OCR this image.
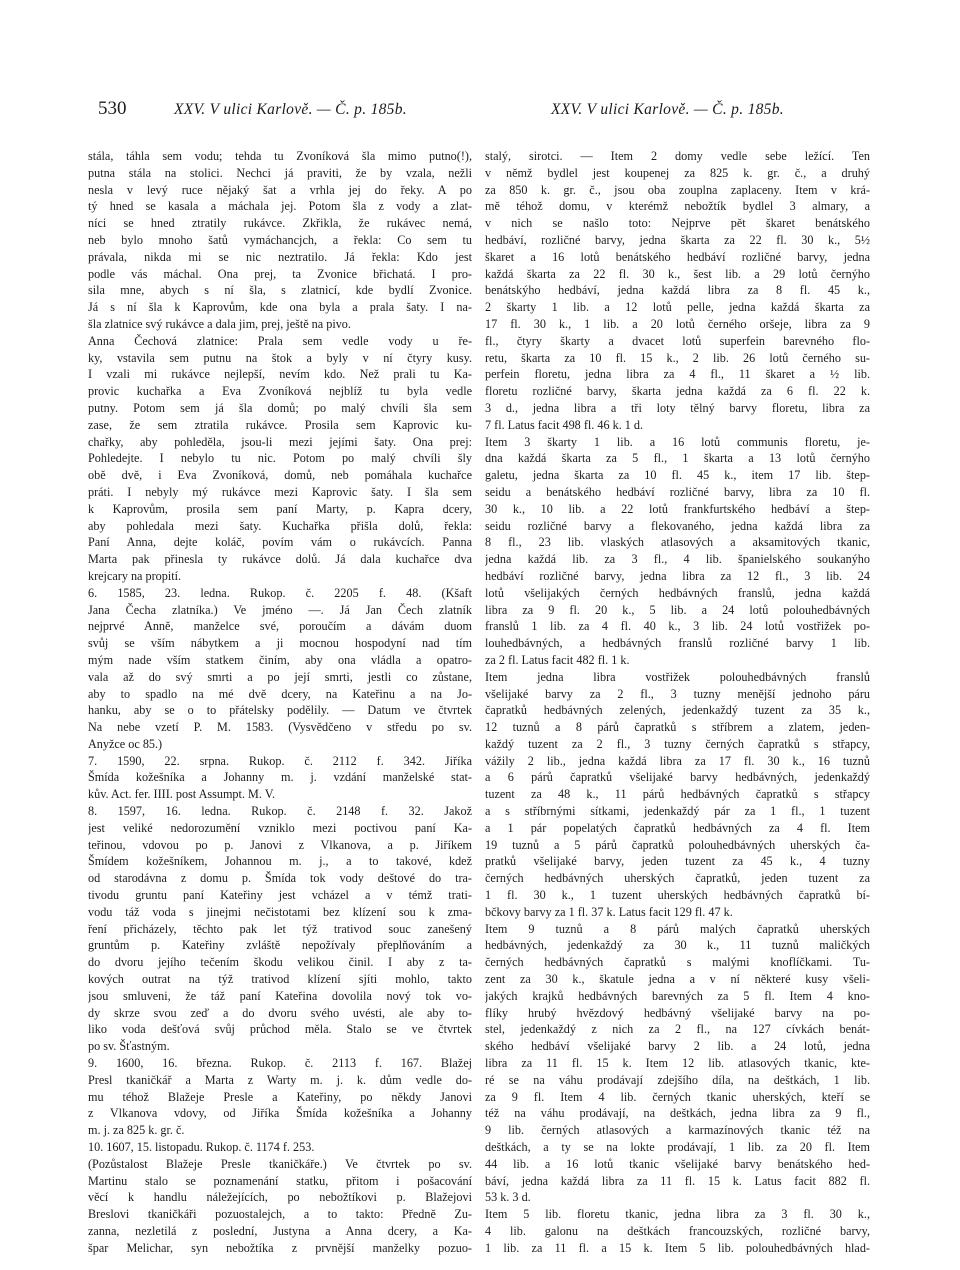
530	XXV. V ulici Karlově. — Č. p. 185b.	XXV. V ulici Karlově. — Č. p. 185b.
stála, táhla sem vodu; tehda tu Zvoníková šla mimo putno(!),
putna stála na stolici. Nechci já praviti, že by vzala, nežli
nesla v levý ruce nějaký šat a vrhla jej do řeky. A po
tý hned se kasala a máchala jej. Potom šla z vody a zlat-
níci se hned ztratily rukávce. Zkřikla, že rukávec nemá,
neb bylo mnoho šatů vymáchancjch, a řekla: Co sem tu
právala, nikda mi se nic neztratilo. Já řekla: Kdo jest
podle vás máchal. Ona prej, ta Zvonice břichatá. I pro-
sila mne, abych s ní šla, s zlatnicí, kde bydlí Zvonice.
Já s ní šla k Kaprovům, kde ona byla a prala šaty. I na-
šla zlatnice svý rukávce a dala jim, prej, ještě na pivo.
Anna Čechová zlatnice: Prala sem vedle vody u ře-
ky, vstavila sem putnu na štok a byly v ní čtyry kusy.
I vzali mi rukávce nejlepší, nevím kdo. Než prali tu Ka-
provic kuchařka a Eva Zvoníková nejblíž tu byla vedle
putny. Potom sem já šla domů; po malý chvíli šla sem
zase, že sem ztratila rukávce. Prosila sem Kaprovic ku-
chařky, aby pohleděla, jsou-li mezi jejími šaty. Ona prej:
Pohledejte. I nebylo tu nic. Potom po malý chvíli šly
obě dvě, i Eva Zvoníková, domů, neb pomáhala kuchařce
práti. I nebyly mý rukávce mezi Kaprovic šaty. I šla sem
k Kaprovům, prosila sem paní Marty, p. Kapra dcery,
aby pohledala mezi šaty. Kuchařka přišla dolů, řekla:
Paní Anna, dejte koláč, povím vám o rukávcích. Panna
Marta pak přinesla ty rukávce dolů. Já dala kuchařce dva
krejcary na propití.
6. 1585, 23. ledna. Rukop. č. 2205 f. 48. (Kšaft
Jana Čecha zlatníka.) Ve jméno —. Já Jan Čech zlatník
nejprvé Anně, manželce své, poroučím a dávám duom
svůj se vším nábytkem a ji mocnou hospodyní nad tím
mým nade vším statkem činím, aby ona vládla a opatro-
vala až do svý smrti a po její smrti, jestli co zůstane,
aby to spadlo na mé dvě dcery, na Kateřinu a na Jo-
hanku, aby se o to přátelsky podělily. — Datum ve čtvrtek
Na nebe vzetí P. M. 1583. (Vysvědčeno v středu po sv.
Anyžce oc 85.)
7. 1590, 22. srpna. Rukop. č. 2112 f. 342. Jiříka
Šmída kožešníka a Johanny m. j. vzdání manželské stat-
kův. Act. fer. IIII. post Assumpt. M. V.
8. 1597, 16. ledna. Rukop. č. 2148 f. 32. Jakož
jest veliké nedorozumění vzniklo mezi poctivou paní Ka-
teřinou, vdovou po p. Janovi z Vlkanova, a p. Jiříkem
Šmídem kožešníkem, Johannou m. j., a to takové, kdež
od starodávna z domu p. Šmída tok vody deštové do tra-
tivodu gruntu paní Kateřiny jest vcházel a v témž trati-
vodu táž voda s jinejmi nečistotami bez klízení sou k zma-
ření přicházely, těchto pak let týž trativod souc zanešený
gruntům p. Kateřiny zvláště nepožívaly přeplňováním a
do dvoru jejího tečením škodu velikou činil. I aby z ta-
kových outrat na týž trativod klízení sjíti mohlo, takto
jsou smluveni, že táž paní Kateřina dovolila nový tok vo-
dy skrze svou zeď a do dvoru svého uvésti, ale aby to-
liko voda dešťová svůj průchod měla. Stalo se ve čtvrtek
po sv. Šťastným.
9. 1600, 16. března. Rukop. č. 2113 f. 167. Blažej
Presl tkaničkář a Marta z Warty m. j. k. dům vedle do-
mu téhož Blažeje Presle a Kateřiny, po někdy Janovi
z Vlkanova vdovy, od Jiříka Šmída kožešníka a Johanny
m. j. za 825 k. gr. č.
10. 1607, 15. listopadu. Rukop. č. 1174 f. 253.
(Pozůstalost Blažeje Presle tkaničkáře.) Ve čtvrtek po sv.
Martinu stalo se poznamenání statku, přitom i pošacování
věcí k handlu náležejících, po nebožtíkovi p. Blažejovi
Breslovi tkaničkáři pozuostalejch, a to takto: Předně Zu-
zanna, nezletilá z poslední, Justyna a Anna dcery, a Ka-
špar Melichar, syn nebožtíka z prvnější manželky pozuo-
stalý, sirotci. — Item 2 domy vedle sebe ležící. Ten
v němž bydlel jest koupenej za 825 k. gr. č., a druhý
za 850 k. gr. č., jsou oba zouplna zaplaceny. Item v krá-
mě téhož domu, v kterémž nebožtík bydlel 3 almary, a
v nich se našlo toto: Nejprve pět škaret benátského
hedbáví, rozličné barvy, jedna škarta za 22 fl. 30 k., 5½
škaret a 16 lotů benátského hedbáví rozličné barvy, jedna
každá škarta za 22 fl. 30 k., šest lib. a 29 lotů černýho
benátskýho hedbáví, jedna každá libra za 8 fl. 45 k.,
2 škarty 1 lib. a 12 lotů pelle, jedna každá škarta za
17 fl. 30 k., 1 lib. a 20 lotů černého oršeje, libra za 9
fl., čtyry škarty a dvacet lotů superfein barevného flo-
retu, škarta za 10 fl. 15 k., 2 lib. 26 lotů černého su-
perfein floretu, jedna libra za 4 fl., 11 škaret a ½ lib.
floretu rozličné barvy, škarta jedna každá za 6 fl. 22 k.
3 d., jedna libra a tři loty tělný barvy floretu, libra za
7 fl. Latus facit 498 fl. 46 k. 1 d.
Item 3 škarty 1 lib. a 16 lotů communis floretu, je-
dna každá škarta za 5 fl., 1 škarta a 13 lotů černýho
galetu, jedna škarta za 10 fl. 45 k., item 17 lib. štep-
seidu a benátského hedbáví rozličné barvy, libra za 10 fl.
30 k., 10 lib. a 22 lotů frankfurtského hedbáví a štep-
seidu rozličné barvy a flekovaného, jedna každá libra za
8 fl., 23 lib. vlaských atlasových a aksamitových tkanic,
jedna každá lib. za 3 fl., 4 lib. španielského soukanýho
hedbáví rozličné barvy, jedna libra za 12 fl., 3 lib. 24
lotů všelijakých černých hedbávných franslů, jedna každá
libra za 9 fl. 20 k., 5 lib. a 24 lotů polouhedbávných
franslů 1 lib. za 4 fl. 40 k., 3 lib. 24 lotů vostřižek po-
louhedbávných, a hedbávných franslů rozličné barvy 1 lib.
za 2 fl. Latus facit 482 fl. 1 k.
Item jedna libra vostřižek polouhedbávných franslů
všelijaké barvy za 2 fl., 3 tuzny menější jednoho páru
čapratků hedbávných zelených, jedenkaždý tuzent za 35 k.,
12 tuznů a 8 párů čapratků s stříbrem a zlatem, jeden-
každý tuzent za 2 fl., 3 tuzny černých čapratků s střapcy,
vážily 2 lib., jedna každá libra za 17 fl. 30 k., 16 tuznů
a 6 párů čapratků všelijaké barvy hedbávných, jedenkaždý
tuzent za 48 k., 11 párů hedbávných čapratků s střapcy
a s stříbrnými sítkami, jedenkaždý pár za 1 fl., 1 tuzent
a 1 pár popelatých čapratků hedbávných za 4 fl. Item
19 tuznů a 5 párů čapratků polouhedbávných uherských ča-
pratků všelijaké barvy, jeden tuzent za 45 k., 4 tuzny
černých hedbávných uherských čapratků, jeden tuzent za
1 fl. 30 k., 1 tuzent uherských hedbávných čapratků bí-
bčkovy barvy za 1 fl. 37 k. Latus facit 129 fl. 47 k.
Item 9 tuznů a 8 párů malých čapratků uherských
hedbávných, jedenkaždý za 30 k., 11 tuznů maličkých
černých hedbávných čapratků s malými knoflíčkami. Tu-
zent za 30 k., škatule jedna a v ní některé kusy všeli-
jakých krajků hedbávných barevných za 5 fl. Item 4 kno-
flíky hrubý hvězdový hedbávný všelijaké barvy na po-
stel, jedenkaždý z nich za 2 fl., na 127 cívkách benát-
ského hedbáví všelijaké barvy 2 lib. a 24 lotů, jedna
libra za 11 fl. 15 k. Item 12 lib. atlasových tkanic, kte-
ré se na váhu prodávají zdejšího díla, na deštkách, 1 lib.
za 9 fl. Item 4 lib. černých tkanic uherských, kteří se
též na váhu prodávají, na deštkách, jedna libra za 9 fl.,
9 lib. černých atlasových a karmazínových tkanic též na
deštkách, a ty se na lokte prodávají, 1 lib. za 20 fl. Item
44 lib. a 16 lotů tkanic všelijaké barvy benátského hed-
báví, jedna každá libra za 11 fl. 15 k. Latus facit 882 fl.
53 k. 3 d.
Item 5 lib. floretu tkanic, jedna libra za 3 fl. 30 k.,
4 lib. galonu na deštkách francouzských, rozličné barvy,
1 lib. za 11 fl. a 15 k. Item 5 lib. polouhedbávných hlad-
